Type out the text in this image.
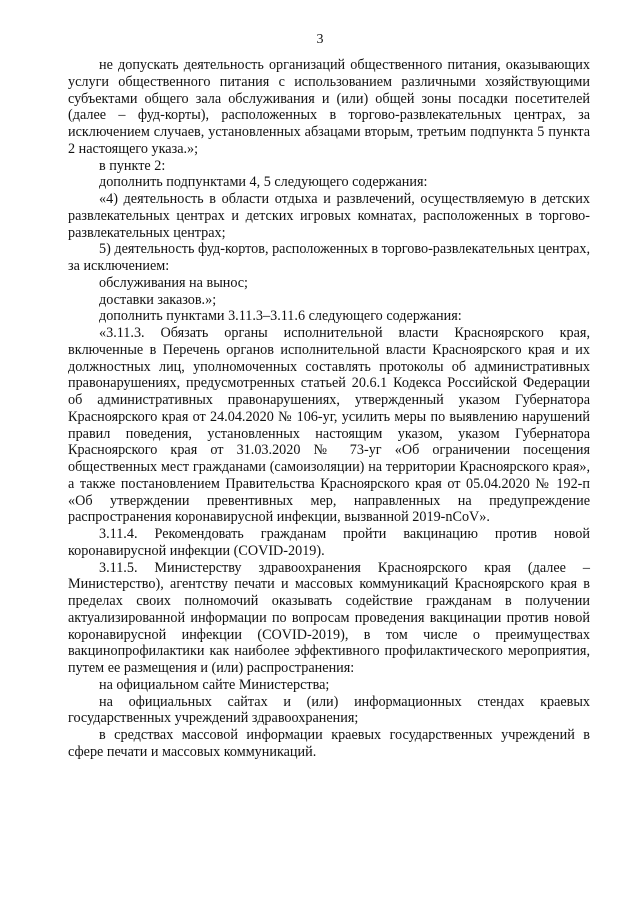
3

не допускать деятельность организаций общественного питания, оказывающих услуги общественного питания с использованием различными хозяйствующими субъектами общего зала обслуживания и (или) общей зоны посадки посетителей (далее – фуд-корты), расположенных в торгово-развлекательных центрах, за исключением случаев, установленных абзацами вторым, третьим подпункта 5 пункта 2 настоящего указа.»;

в пункте 2:

дополнить подпунктами 4, 5 следующего содержания:

«4) деятельность в области отдыха и развлечений, осуществляемую в детских развлекательных центрах и детских игровых комнатах, расположенных в торгово-развлекательных центрах;

5) деятельность фуд-кортов, расположенных в торгово-развлекательных центрах, за исключением:

обслуживания на вынос;

доставки заказов.»;

дополнить пунктами 3.11.3–3.11.6 следующего содержания:

«3.11.3. Обязать органы исполнительной власти Красноярского края, включенные в Перечень органов исполнительной власти Красноярского края и их должностных лиц, уполномоченных составлять протоколы об административных правонарушениях, предусмотренных статьей 20.6.1 Кодекса Российской Федерации об административных правонарушениях, утвержденный указом Губернатора Красноярского края от 24.04.2020 № 106-уг, усилить меры по выявлению нарушений правил поведения, установленных настоящим указом, указом Губернатора Красноярского края от 31.03.2020 № 73-уг «Об ограничении посещения общественных мест гражданами (самоизоляции) на территории Красноярского края», а также постановлением Правительства Красноярского края от 05.04.2020 № 192-п «Об утверждении превентивных мер, направленных на предупреждение распространения коронавирусной инфекции, вызванной 2019-nCoV».

3.11.4. Рекомендовать гражданам пройти вакцинацию против новой коронавирусной инфекции (COVID-2019).

3.11.5. Министерству здравоохранения Красноярского края (далее – Министерство), агентству печати и массовых коммуникаций Красноярского края в пределах своих полномочий оказывать содействие гражданам в получении актуализированной информации по вопросам проведения вакцинации против новой коронавирусной инфекции (COVID-2019), в том числе о преимуществах вакцинопрофилактики как наиболее эффективного профилактического мероприятия, путем ее размещения и (или) распространения:

на официальном сайте Министерства;

на официальных сайтах и (или) информационных стендах краевых государственных учреждений здравоохранения;

в средствах массовой информации краевых государственных учреждений в сфере печати и массовых коммуникаций.
